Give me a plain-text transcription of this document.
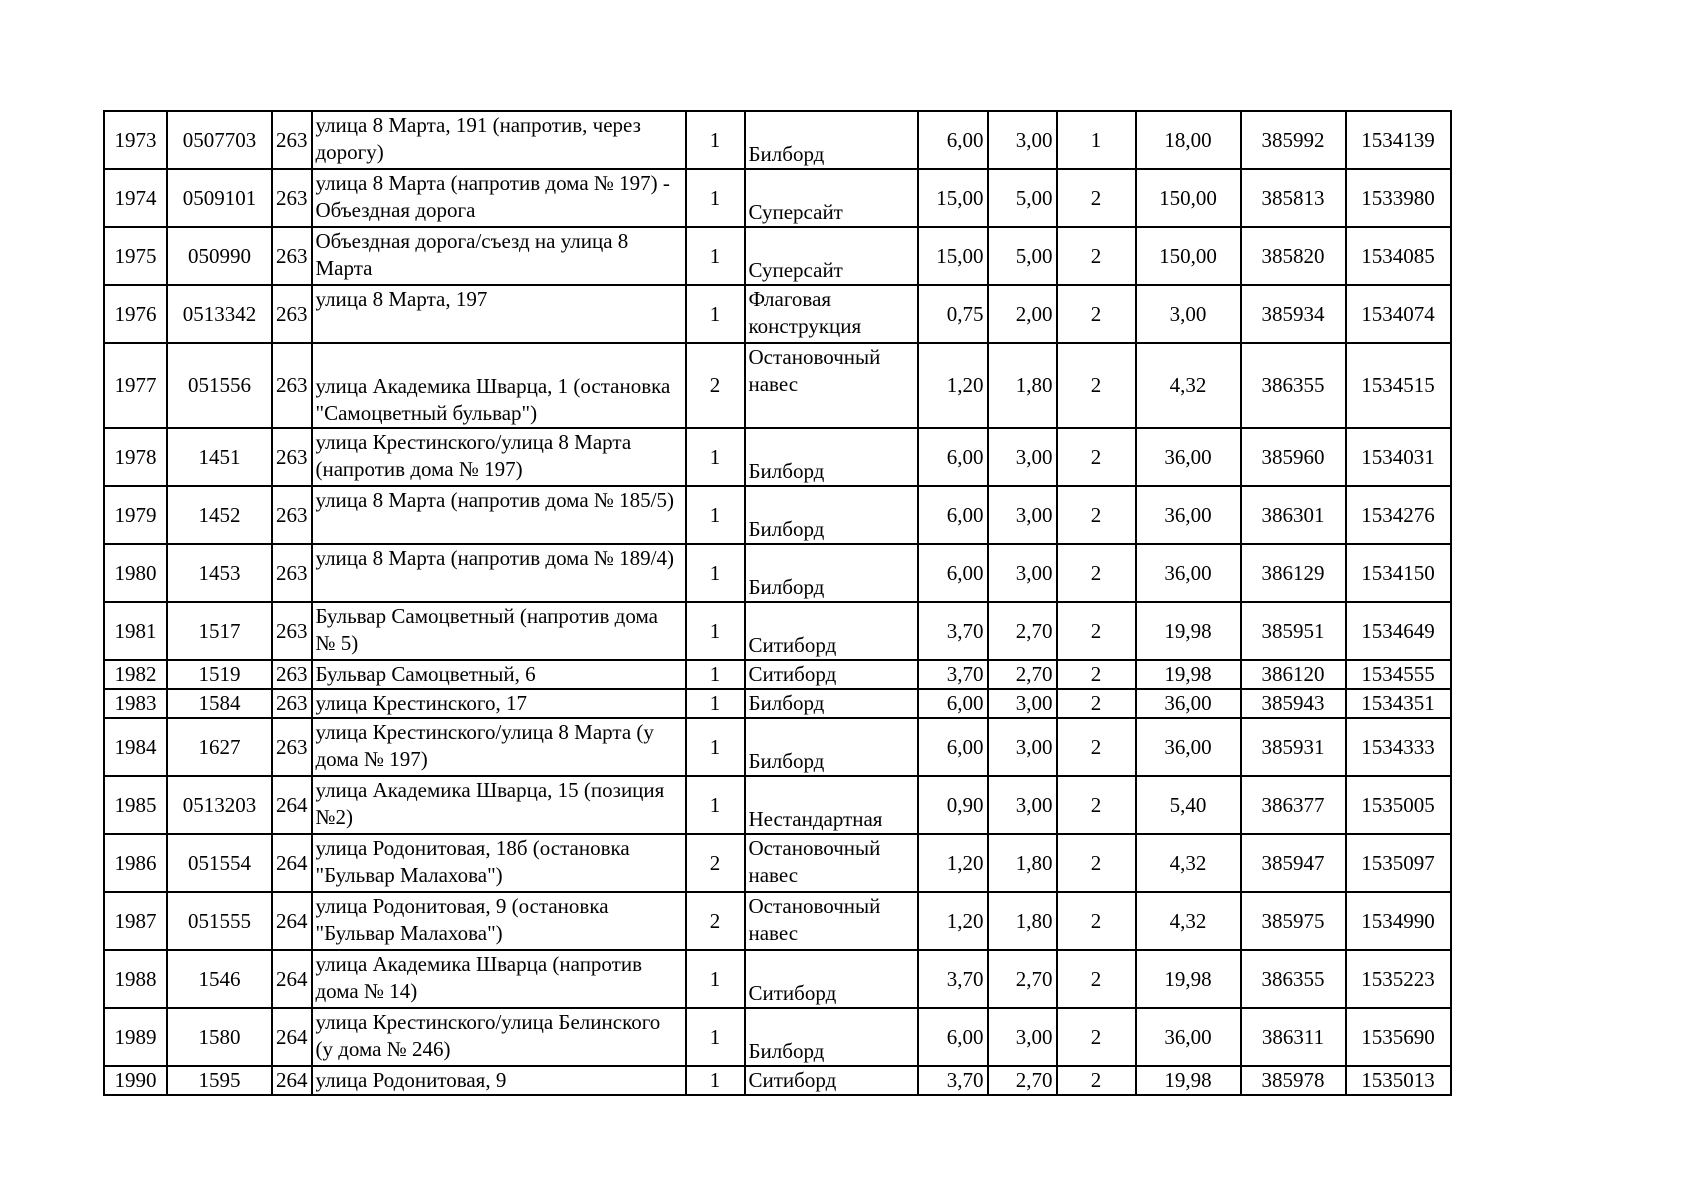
1973	0507703	263	улица 8 Марта, 191 (напротив, через дорогу)	1	Билборд	6,00	3,00	1	18,00	385992	1534139
1974	0509101	263	улица 8 Марта (напротив дома № 197) - Объездная дорога	1	Суперсайт	15,00	5,00	2	150,00	385813	1533980
1975	050990	263	Объездная дорога/съезд на улица 8 Марта	1	Суперсайт	15,00	5,00	2	150,00	385820	1534085
1976	0513342	263	улица 8 Марта, 197	1	Флаговая конструкция	0,75	2,00	2	3,00	385934	1534074
1977	051556	263	улица Академика Шварца, 1 (остановка "Самоцветный бульвар")	2	Остановочный навес	1,20	1,80	2	4,32	386355	1534515
1978	1451	263	улица Крестинского/улица 8 Марта (напротив дома № 197)	1	Билборд	6,00	3,00	2	36,00	385960	1534031
1979	1452	263	улица 8 Марта (напротив дома № 185/5)	1	Билборд	6,00	3,00	2	36,00	386301	1534276
1980	1453	263	улица 8 Марта (напротив дома № 189/4)	1	Билборд	6,00	3,00	2	36,00	386129	1534150
1981	1517	263	Бульвар Самоцветный (напротив дома № 5)	1	Ситиборд	3,70	2,70	2	19,98	385951	1534649
1982	1519	263	Бульвар Самоцветный, 6	1	Ситиборд	3,70	2,70	2	19,98	386120	1534555
1983	1584	263	улица Крестинского, 17	1	Билборд	6,00	3,00	2	36,00	385943	1534351
1984	1627	263	улица Крестинского/улица 8 Марта (у дома № 197)	1	Билборд	6,00	3,00	2	36,00	385931	1534333
1985	0513203	264	улица Академика Шварца, 15 (позиция №2)	1	Нестандартная	0,90	3,00	2	5,40	386377	1535005
1986	051554	264	улица Родонитовая, 18б (остановка "Бульвар Малахова")	2	Остановочный навес	1,20	1,80	2	4,32	385947	1535097
1987	051555	264	улица Родонитовая, 9 (остановка "Бульвар Малахова")	2	Остановочный навес	1,20	1,80	2	4,32	385975	1534990
1988	1546	264	улица Академика Шварца (напротив дома № 14)	1	Ситиборд	3,70	2,70	2	19,98	386355	1535223
1989	1580	264	улица Крестинского/улица Белинского (у дома № 246)	1	Билборд	6,00	3,00	2	36,00	386311	1535690
1990	1595	264	улица Родонитовая, 9	1	Ситиборд	3,70	2,70	2	19,98	385978	1535013
